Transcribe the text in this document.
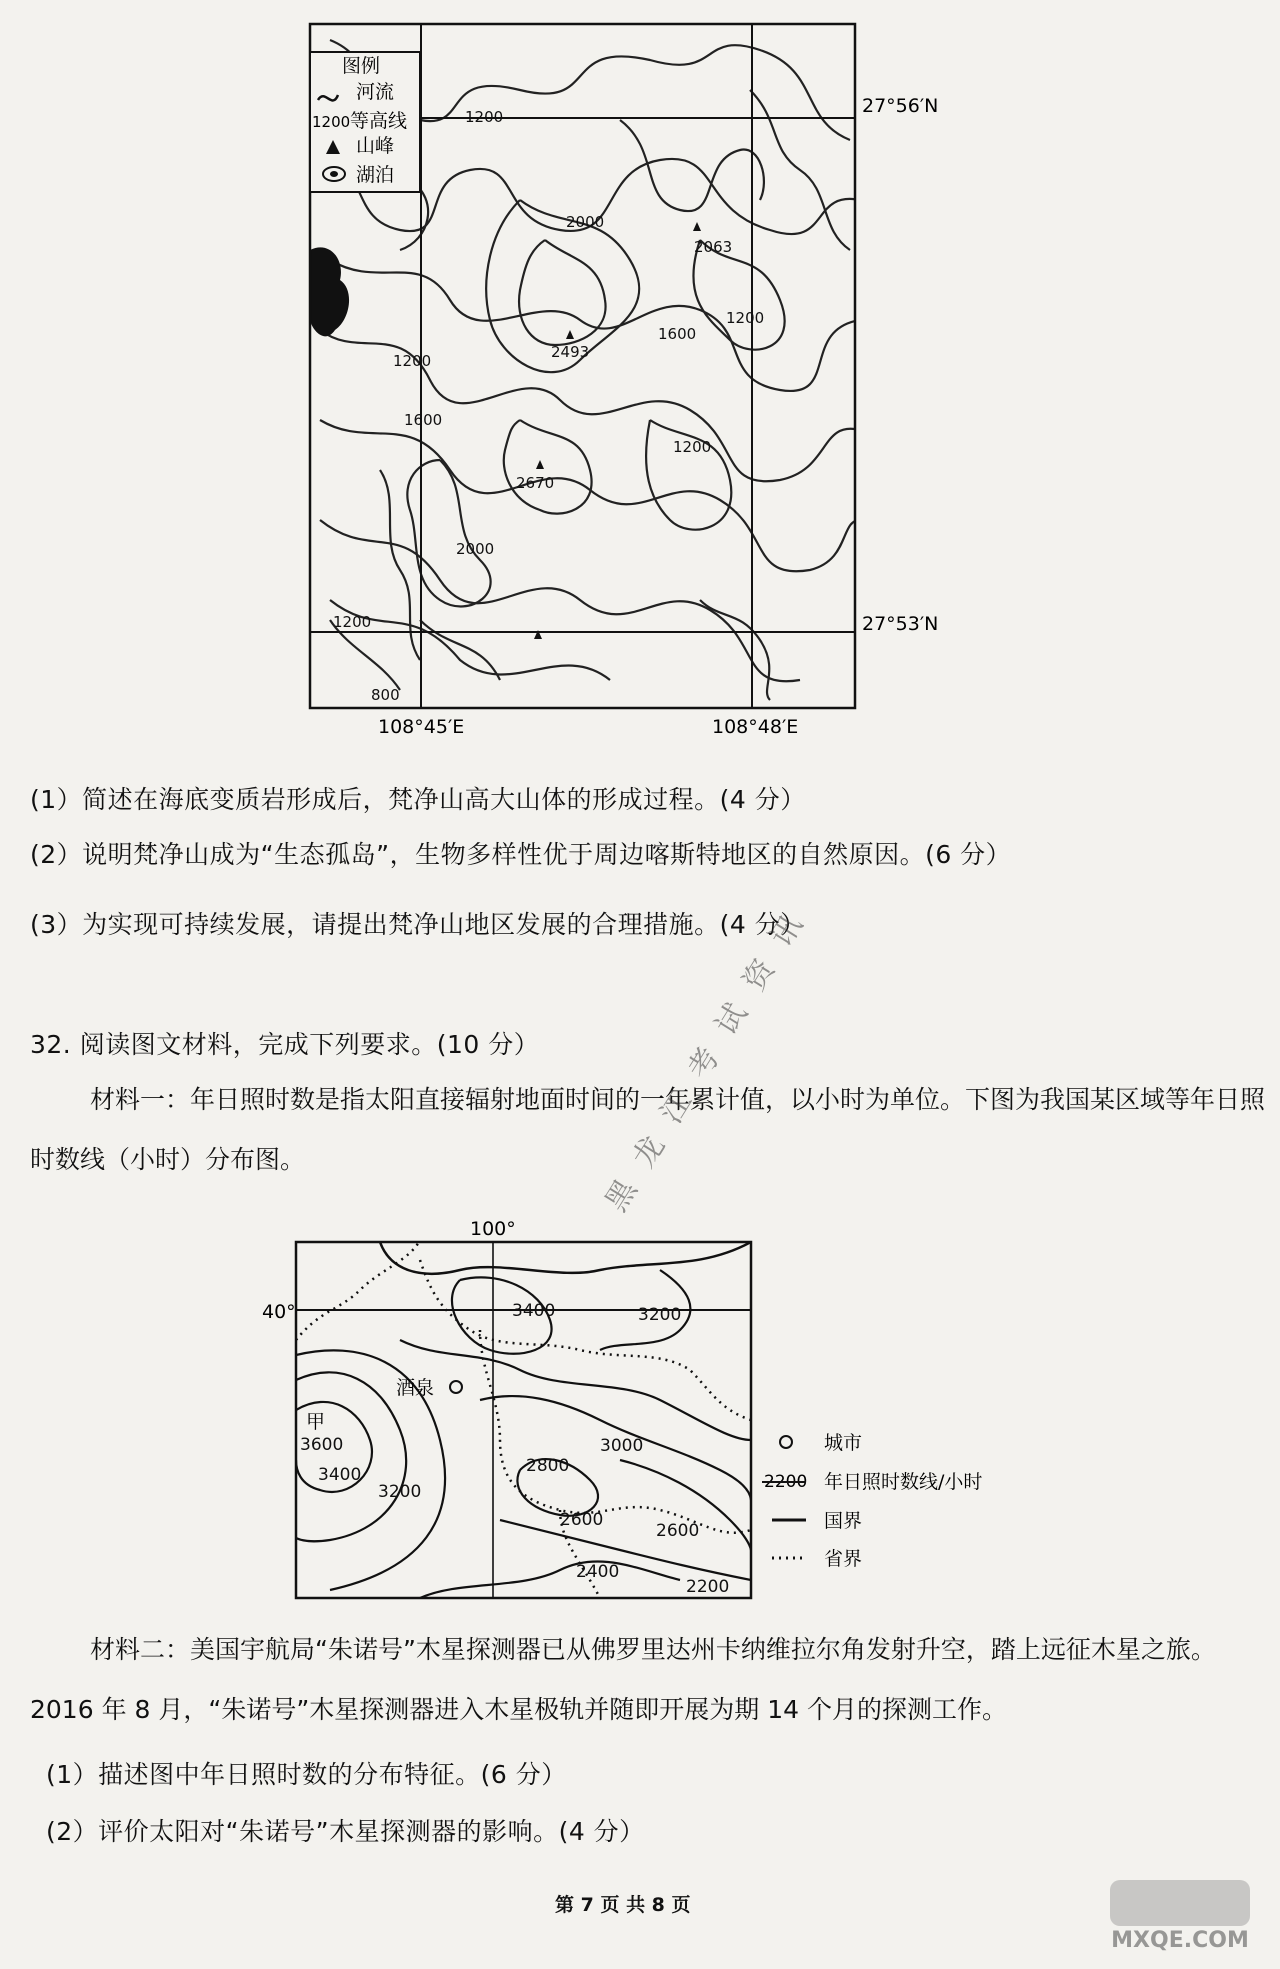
图例
河流
1200 等高线
山峰
湖泊
27°56′N
27°53′N
108°45′E	108°48′E
1200
2000
2063
1600
1200
2493
1200
1600
1200
2670
2000
1200
800
(1）简述在海底变质岩形成后，梵净山高大山体的形成过程。(4 分）
(2）说明梵净山成为“生态孤岛”，生物多样性优于周边喀斯特地区的自然原因。(6 分）
(3）为实现可持续发展，请提出梵净山地区发展的合理措施。(4 分）
32. 阅读图文材料，完成下列要求。(10 分）
材料一：年日照时数是指太阳直接辐射地面时间的一年累计值，以小时为单位。下图为我国某区域等年日照时数线（小时）分布图。	黑龙江考试资讯
100°
40°
酒泉
甲
3400	3200
3600
3400
3200
3000
2800
2600
2600
2400
2200
城市
2200 年日照时数线/小时
国界
省界
材料二：美国宇航局“朱诺号”木星探测器已从佛罗里达州卡纳维拉尔角发射升空，踏上远征木星之旅。2016 年 8 月，“朱诺号”木星探测器进入木星极轨并随即开展为期 14 个月的探测工作。
(1）描述图中年日照时数的分布特征。(6 分）
(2）评价太阳对“朱诺号”木星探测器的影响。(4 分）
第 7 页 共 8 页
MXQE.COM
